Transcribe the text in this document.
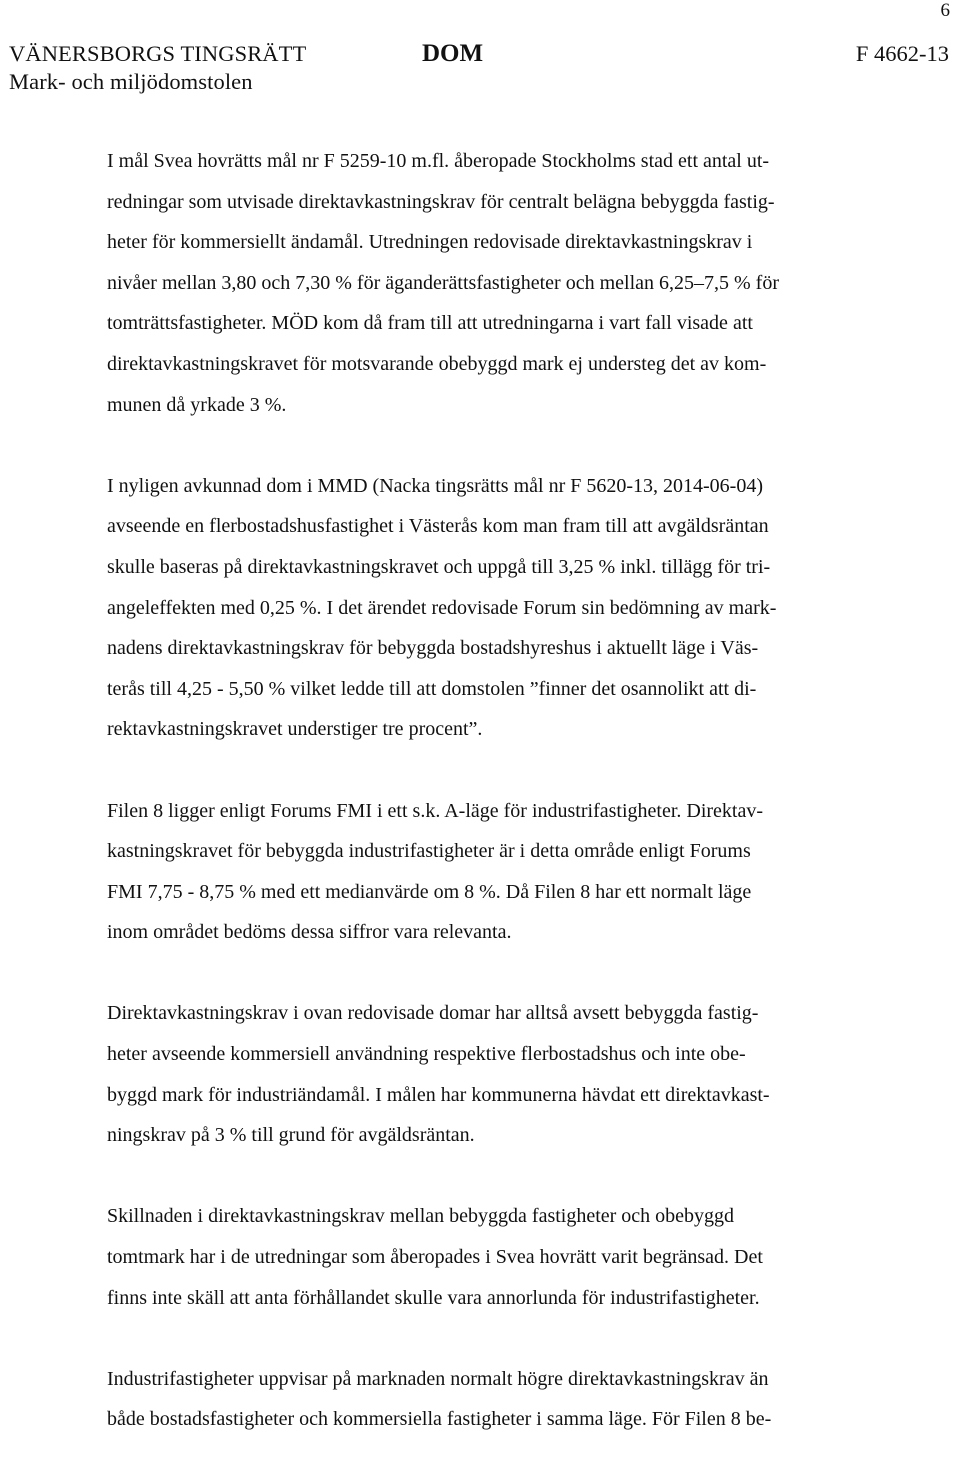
6
VÄNERSBORGS TINGSRÄTT
Mark- och miljödomstolen
DOM	F 4662-13

I mål Svea hovrätts mål nr F 5259-10 m.fl. åberopade Stockholms stad ett antal ut-
redningar som utvisade direktavkastningskrav för centralt belägna bebyggda fastig-
heter för kommersiellt ändamål. Utredningen redovisade direktavkastningskrav i
nivåer mellan 3,80 och 7,30 % för äganderättsfastigheter och mellan 6,25–7,5 % för
tomträttsfastigheter. MÖD kom då fram till att utredningarna i vart fall visade att
direktavkastningskravet för motsvarande obebyggd mark ej understeg det av kom-
munen då yrkade 3 %.

I nyligen avkunnad dom i MMD (Nacka tingsrätts mål nr F 5620-13, 2014-06-04)
avseende en flerbostadshusfastighet i Västerås kom man fram till att avgäldsräntan
skulle baseras på direktavkastningskravet och uppgå till 3,25 % inkl. tillägg för tri-
angeleffekten med 0,25 %. I det ärendet redovisade Forum sin bedömning av mark-
nadens direktavkastningskrav för bebyggda bostadshyreshus i aktuellt läge i Väs-
terås till 4,25 - 5,50 % vilket ledde till att domstolen ”finner det osannolikt att di-
rektavkastningskravet understiger tre procent”.

Filen 8 ligger enligt Forums FMI i ett s.k. A-läge för industrifastigheter. Direktav-
kastningskravet för bebyggda industrifastigheter är i detta område enligt Forums
FMI 7,75 - 8,75 % med ett medianvärde om 8 %. Då Filen 8 har ett normalt läge
inom området bedöms dessa siffror vara relevanta.

Direktavkastningskrav i ovan redovisade domar har alltså avsett bebyggda fastig-
heter avseende kommersiell användning respektive flerbostadshus och inte obe-
byggd mark för industriändamål. I målen har kommunerna hävdat ett direktavkast-
ningskrav på 3 % till grund för avgäldsräntan.

Skillnaden i direktavkastningskrav mellan bebyggda fastigheter och obebyggd
tomtmark har i de utredningar som åberopades i Svea hovrätt varit begränsad. Det
finns inte skäll att anta förhållandet skulle vara annorlunda för industrifastigheter.

Industrifastigheter uppvisar på marknaden normalt högre direktavkastningskrav än
både bostadsfastigheter och kommersiella fastigheter i samma läge. För Filen 8 be-
